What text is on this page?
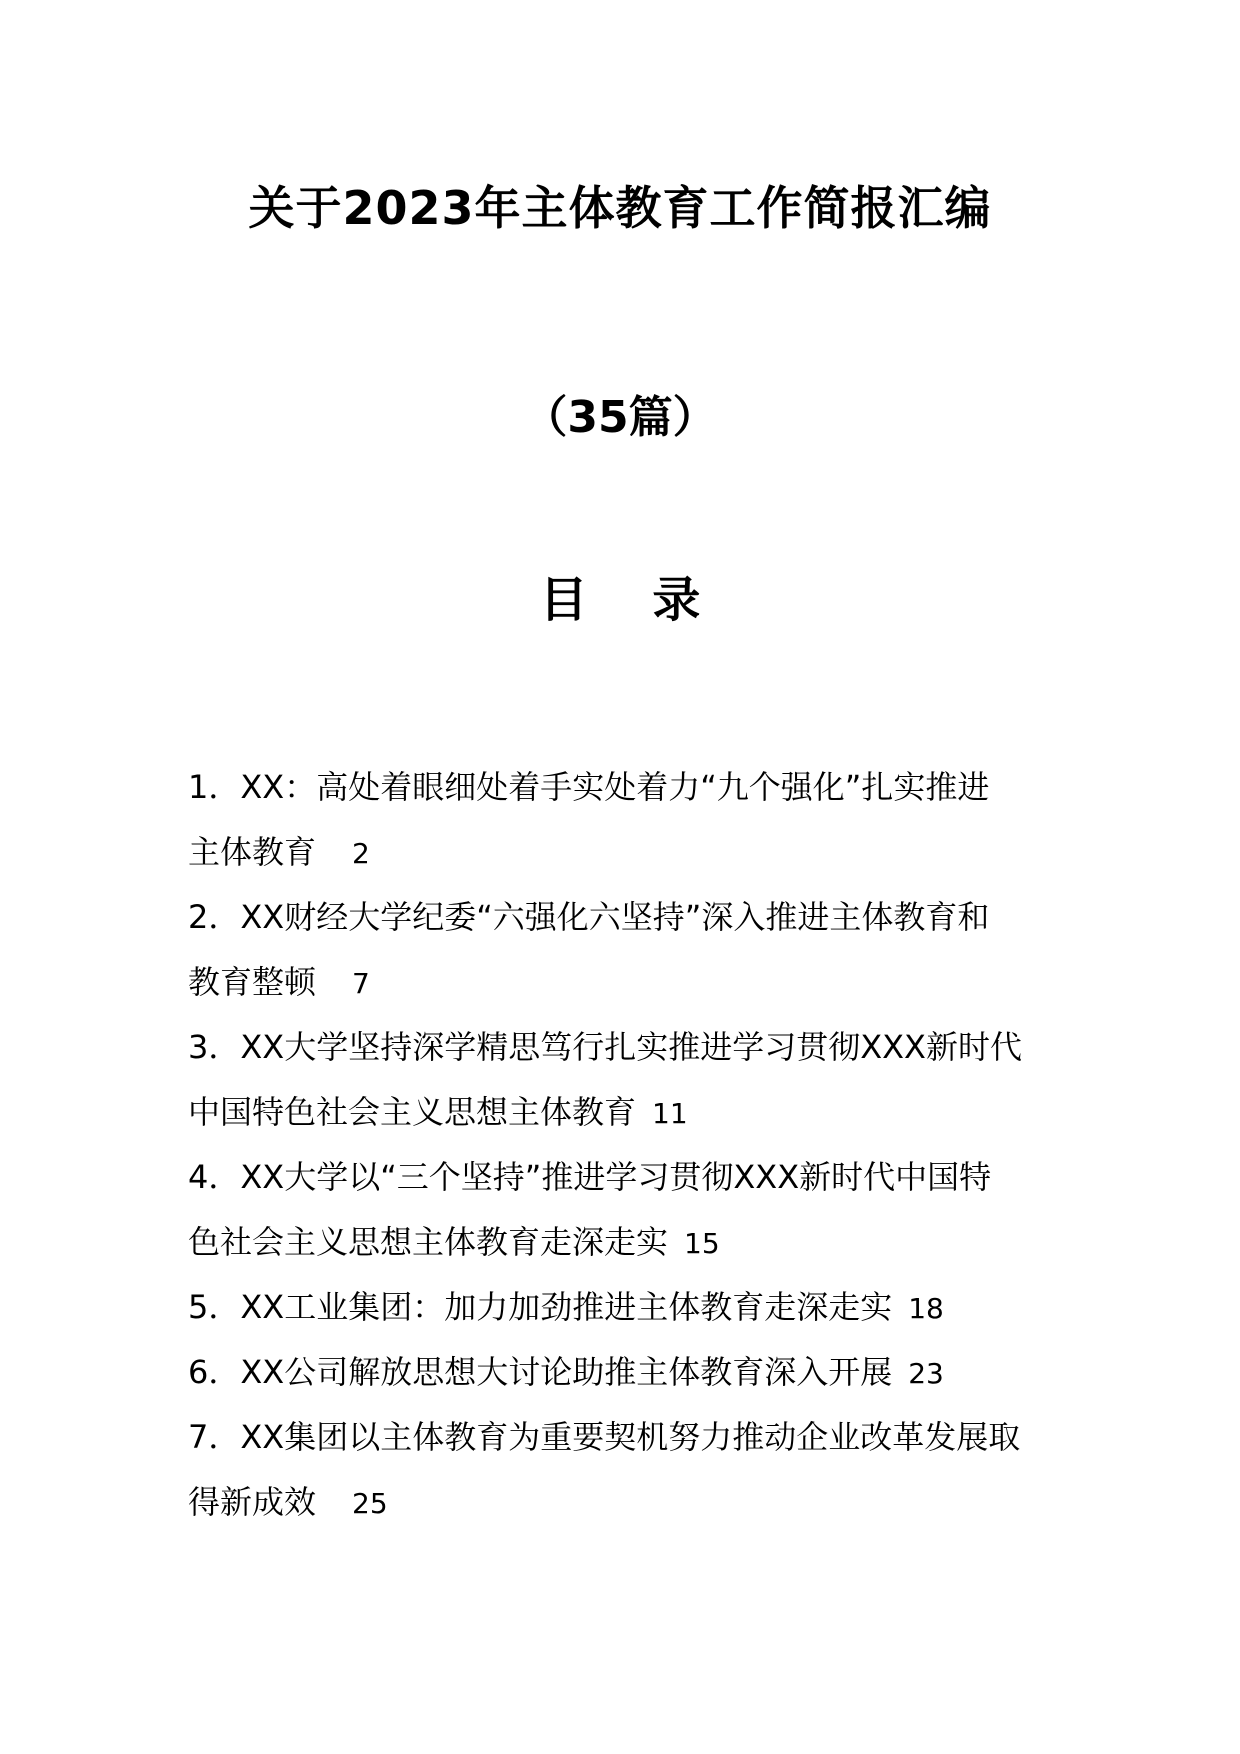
关于2023年主体教育工作简报汇编
（35篇）
目 录
1．XX：高处着眼细处着手实处着力“九个强化”扎实推进
主体教育 2
2．XX财经大学纪委“六强化六坚持”深入推进主体教育和
教育整顿 7
3．XX大学坚持深学精思笃行扎实推进学习贯彻XXX新时代
中国特色社会主义思想主体教育 11
4．XX大学以“三个坚持”推进学习贯彻XXX新时代中国特
色社会主义思想主体教育走深走实 15
5．XX工业集团：加力加劲推进主体教育走深走实 18
6．XX公司解放思想大讨论助推主体教育深入开展 23
7．XX集团以主体教育为重要契机努力推动企业改革发展取
得新成效 25
